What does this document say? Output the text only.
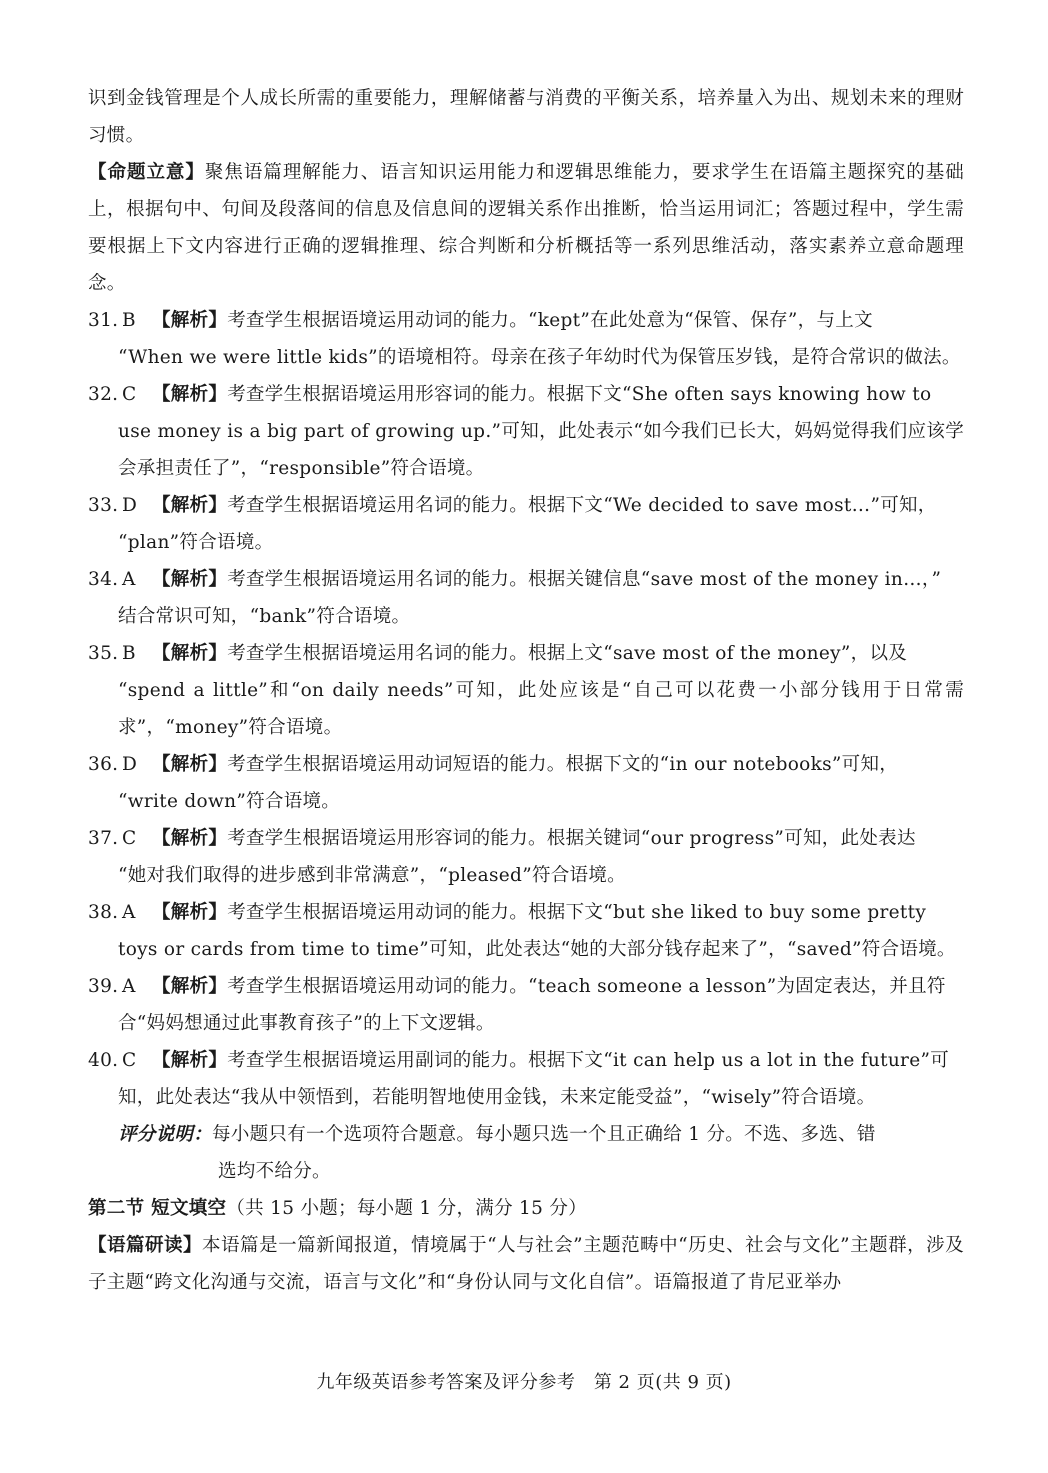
识到金钱管理是个人成长所需的重要能力，理解储蓄与消费的平衡关系，培养量入为出、规划未来的理财习惯。

【命题立意】聚焦语篇理解能力、语言知识运用能力和逻辑思维能力，要求学生在语篇主题探究的基础上，根据句中、句间及段落间的信息及信息间的逻辑关系作出推断，恰当运用词汇；答题过程中，学生需要根据上下文内容进行正确的逻辑推理、综合判断和分析概括等一系列思维活动，落实素养立意命题理念。

31. B 【解析】考查学生根据语境运用动词的能力。“kept”在此处意为“保管、保存”，与上文

“When we were little kids”的语境相符。母亲在孩子年幼时代为保管压岁钱，是符合常识的做法。

32. C 【解析】考查学生根据语境运用形容词的能力。根据下文“She often says knowing how to

use money is a big part of growing up.”可知，此处表示“如今我们已长大，妈妈觉得我们应该学会承担责任了”，“responsible”符合语境。

33. D 【解析】考查学生根据语境运用名词的能力。根据下文“We decided to save most…”可知，

“plan”符合语境。

34. A 【解析】考查学生根据语境运用名词的能力。根据关键信息“save most of the money in…，”

结合常识可知，“bank”符合语境。

35. B 【解析】考查学生根据语境运用名词的能力。根据上文“save most of the money”，以及

“spend a little”和“on daily needs”可知，此处应该是“自己可以花费一小部分钱用于日常需求”，“money”符合语境。

36. D 【解析】考查学生根据语境运用动词短语的能力。根据下文的“in our notebooks”可知，

“write down”符合语境。

37. C 【解析】考查学生根据语境运用形容词的能力。根据关键词“our progress”可知，此处表达

“她对我们取得的进步感到非常满意”，“pleased”符合语境。

38. A 【解析】考查学生根据语境运用动词的能力。根据下文“but she liked to buy some pretty

toys or cards from time to time”可知，此处表达“她的大部分钱存起来了”，“saved”符合语境。

39. A 【解析】考查学生根据语境运用动词的能力。“teach someone a lesson”为固定表达，并且符

合“妈妈想通过此事教育孩子”的上下文逻辑。

40. C 【解析】考查学生根据语境运用副词的能力。根据下文“it can help us a lot in the future”可

知，此处表达“我从中领悟到，若能明智地使用金钱，未来定能受益”，“wisely”符合语境。

评分说明： 每小题只有一个选项符合题意。每小题只选一个且正确给 1 分。不选、多选、错
选均不给分。
第二节 短文填空（共 15 小题；每小题 1 分，满分 15 分）

【语篇研读】本语篇是一篇新闻报道，情境属于“人与社会”主题范畴中“历史、社会与文化”主题群，涉及子主题“跨文化沟通与交流，语言与文化”和“身份认同与文化自信”。语篇报道了肯尼亚举办

九年级英语参考答案及评分参考　第 2 页(共 9 页)
